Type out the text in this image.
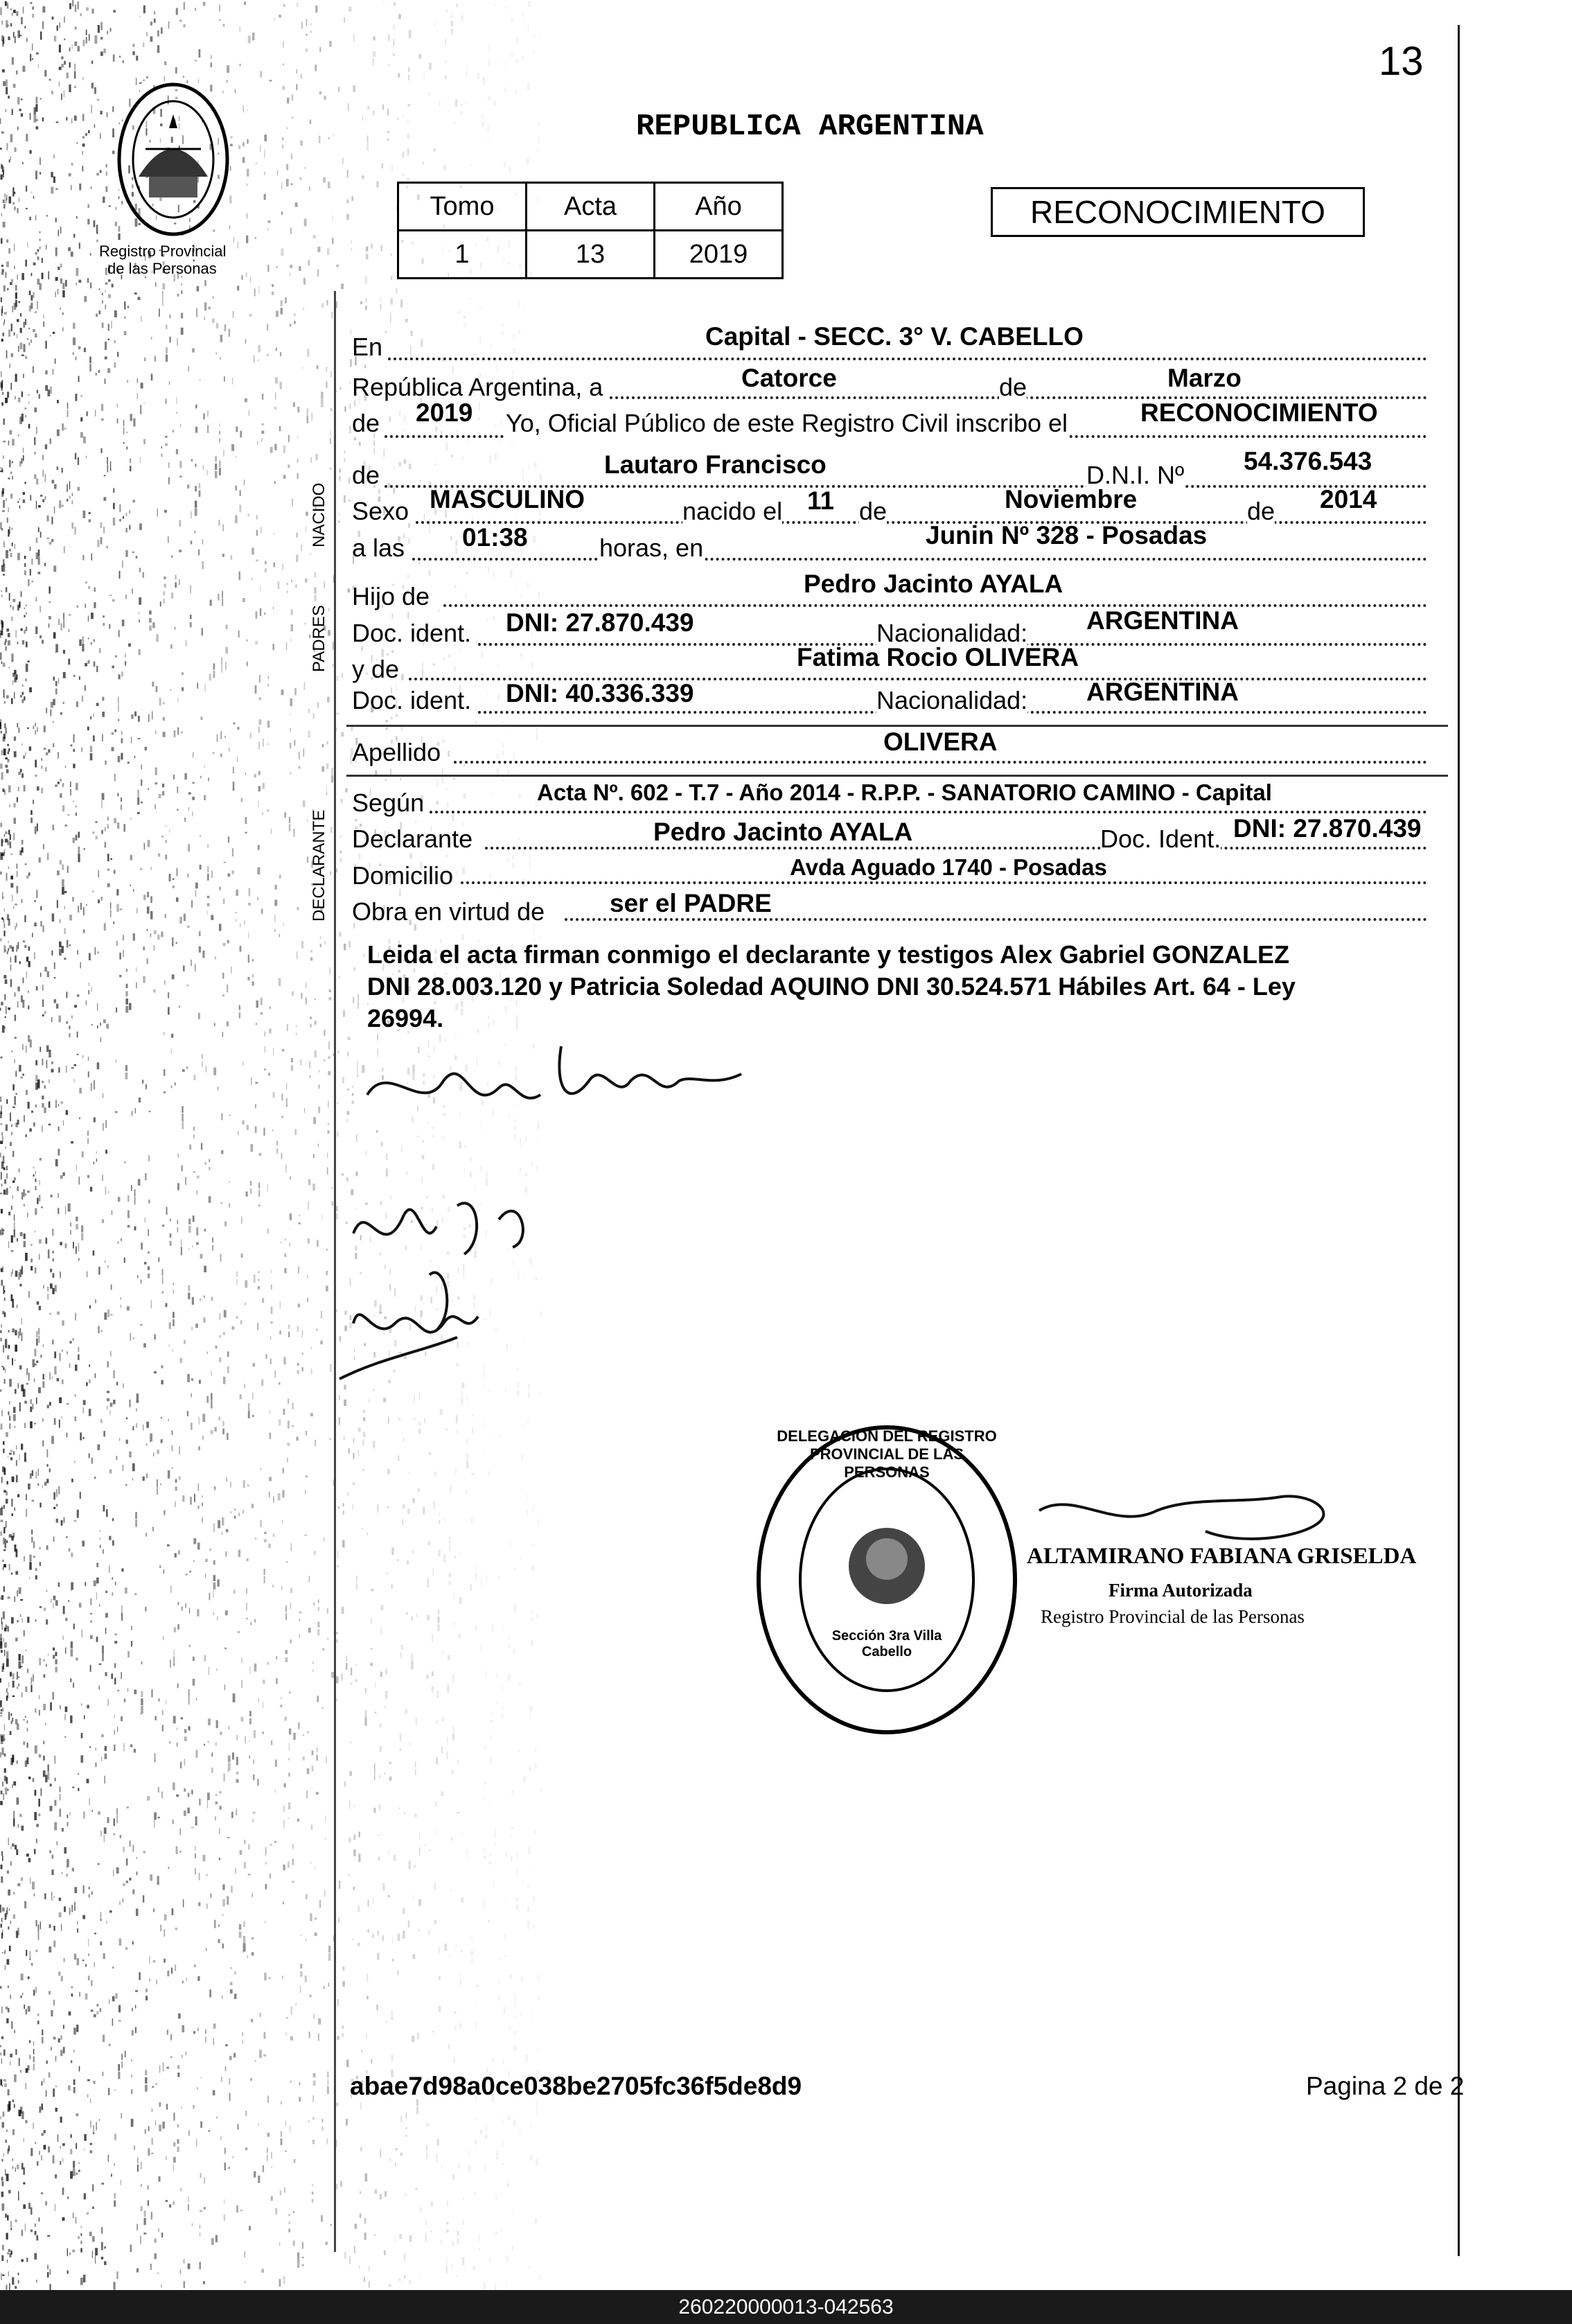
13
Registro Provincial
de las Personas
REPUBLICA ARGENTINA
Tomo	Acta	Año
1	13	2019
RECONOCIMIENTO
NACIDO
PADRES
DECLARANTE
En	Capital - SECC. 3° V. CABELLO
República Argentina, a	Catorce	de	Marzo
de 2019 Yo, Oficial Público de este Registro Civil inscribo el	RECONOCIMIENTO
de	Lautaro Francisco	D.N.I. Nº 54.376.543
Sexo MASCULINO	nacido el 11 de	Noviembre	de 2014
a las 01:38	horas, en	Junin Nº 328 - Posadas
Hijo de	Pedro Jacinto AYALA
Doc. ident. DNI: 27.870.439	Nacionalidad: ARGENTINA
y de	Fatima Rocio OLIVERA
Doc. ident. DNI: 40.336.339	Nacionalidad: ARGENTINA
Apellido	OLIVERA
Según	Acta Nº. 602 - T.7 - Año 2014 - R.P.P. - SANATORIO CAMINO - Capital
Declarante	Pedro Jacinto AYALA	Doc. Ident. DNI: 27.870.439
Domicilio	Avda Aguado 1740 - Posadas
Obra en virtud de	ser el PADRE
Leida el acta firman conmigo el declarante y testigos Alex Gabriel GONZALEZ
DNI 28.003.120 y Patricia Soledad AQUINO DNI 30.524.571 Hábiles Art. 64 - Ley
26994.
DELEGACION DEL REGISTRO PROVINCIAL DE LAS PERSONAS
Sección 3ra Villa Cabello
ALTAMIRANO FABIANA GRISELDA
Firma Autorizada
Registro Provincial de las Personas
abae7d98a0ce038be2705fc36f5de8d9	Pagina 2 de 2
260220000013-042563
